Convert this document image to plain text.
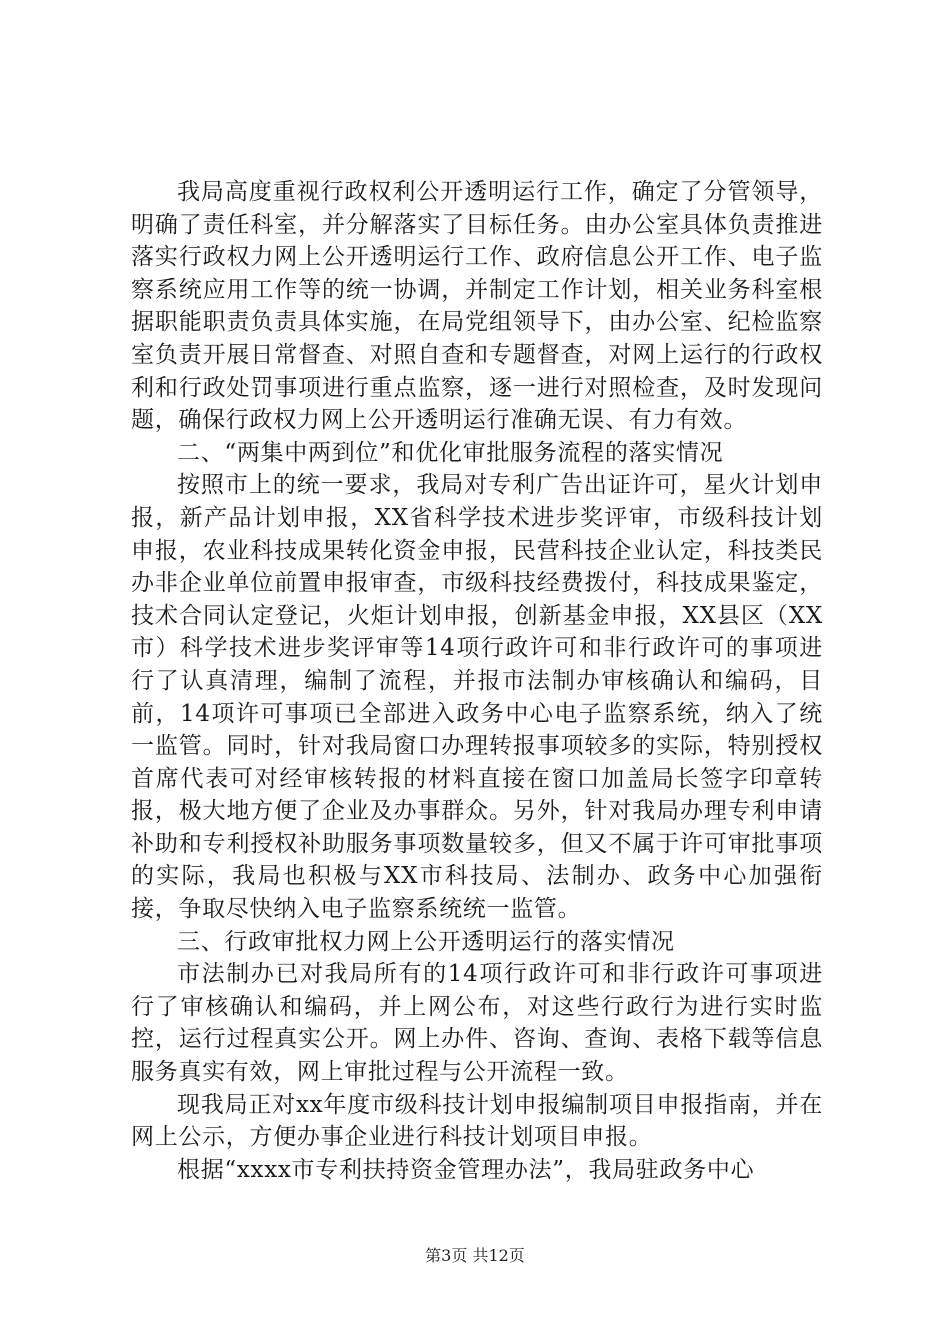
我局高度重视行政权利公开透明运行工作，确定了分管领导，明确了责任科室，并分解落实了目标任务。由办公室具体负责推进落实行政权力网上公开透明运行工作、政府信息公开工作、电子监察系统应用工作等的统一协调，并制定工作计划，相关业务科室根据职能职责负责具体实施，在局党组领导下，由办公室、纪检监察室负责开展日常督查、对照自查和专题督查，对网上运行的行政权利和行政处罚事项进行重点监察，逐一进行对照检查，及时发现问题，确保行政权力网上公开透明运行准确无误、有力有效。

二、“两集中两到位”和优化审批服务流程的落实情况

按照市上的统一要求，我局对专利广告出证许可，星火计划申报，新产品计划申报，XX省科学技术进步奖评审，市级科技计划申报，农业科技成果转化资金申报，民营科技企业认定，科技类民办非企业单位前置申报审查，市级科技经费拨付，科技成果鉴定，技术合同认定登记，火炬计划申报，创新基金申报，XX县区（XX市）科学技术进步奖评审等14项行政许可和非行政许可的事项进行了认真清理，编制了流程，并报市法制办审核确认和编码，目前，14项许可事项已全部进入政务中心电子监察系统，纳入了统一监管。同时，针对我局窗口办理转报事项较多的实际，特别授权首席代表可对经审核转报的材料直接在窗口加盖局长签字印章转报，极大地方便了企业及办事群众。另外，针对我局办理专利申请补助和专利授权补助服务事项数量较多，但又不属于许可审批事项的实际，我局也积极与XX市科技局、法制办、政务中心加强衔接，争取尽快纳入电子监察系统统一监管。

三、行政审批权力网上公开透明运行的落实情况

市法制办已对我局所有的14项行政许可和非行政许可事项进行了审核确认和编码，并上网公布，对这些行政行为进行实时监控，运行过程真实公开。网上办件、咨询、查询、表格下载等信息服务真实有效，网上审批过程与公开流程一致。

现我局正对xx年度市级科技计划申报编制项目申报指南，并在网上公示，方便办事企业进行科技计划项目申报。

根据“xxxx市专利扶持资金管理办法”，我局驻政务中心

第3页 共12页
